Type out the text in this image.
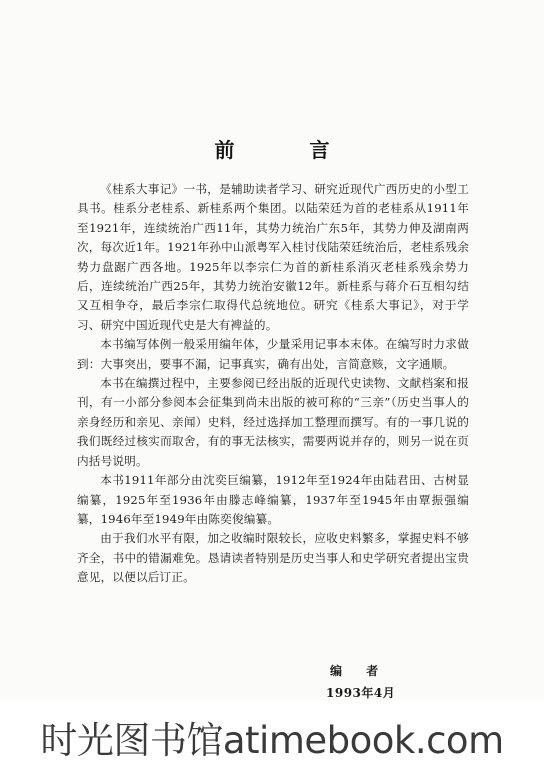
前 言

《桂系大事记》一书，是辅助读者学习、研究近现代广西历史的小型工具书。桂系分老桂系、新桂系两个集团。以陆荣廷为首的老桂系从1911年至1921年，连续统治广西11年，其势力统治广东5年，其势力伸及湖南两次，每次近1年。1921年孙中山派粤军入桂讨伐陆荣廷统治后，老桂系残余势力盘踞广西各地。1925年以李宗仁为首的新桂系消灭老桂系残余势力后，连续统治广西25年，其势力统治安徽12年。新桂系与蒋介石互相勾结又互相争夺，最后李宗仁取得代总统地位。研究《桂系大事记》，对于学习、研究中国近现代史是大有裨益的。

本书编写体例一般采用编年体，少量采用记事本末体。在编写时力求做到：大事突出，要事不漏，记事真实，确有出处，言简意赅，文字通顺。

本书在编撰过程中，主要参阅已经出版的近现代史读物、文献档案和报刊，有一小部分参阅本会征集到尚未出版的被可称的“三亲”（历史当事人的亲身经历和亲见、亲闻）史料，经过选择加工整理而撰写。有的一事几说的我们既经过核实而取舍，有的事无法核实，需要两说并存的，则另一说在页内括号说明。

本书1911年部分由沈奕巨编纂，1912年至1924年由陆君田、古树显编纂，1925年至1936年由滕志峰编纂，1937年至1945年由覃振强编纂，1946年至1949年由陈奕俊编纂。

由于我们水平有限，加之收编时限较长，应收史料繁多，掌握史料不够齐全，书中的错漏难免。恳请读者特别是历史当事人和史学研究者提出宝贵意见，以便以后订正。

编 者
1993年4月
时光图书馆atimebook.com
